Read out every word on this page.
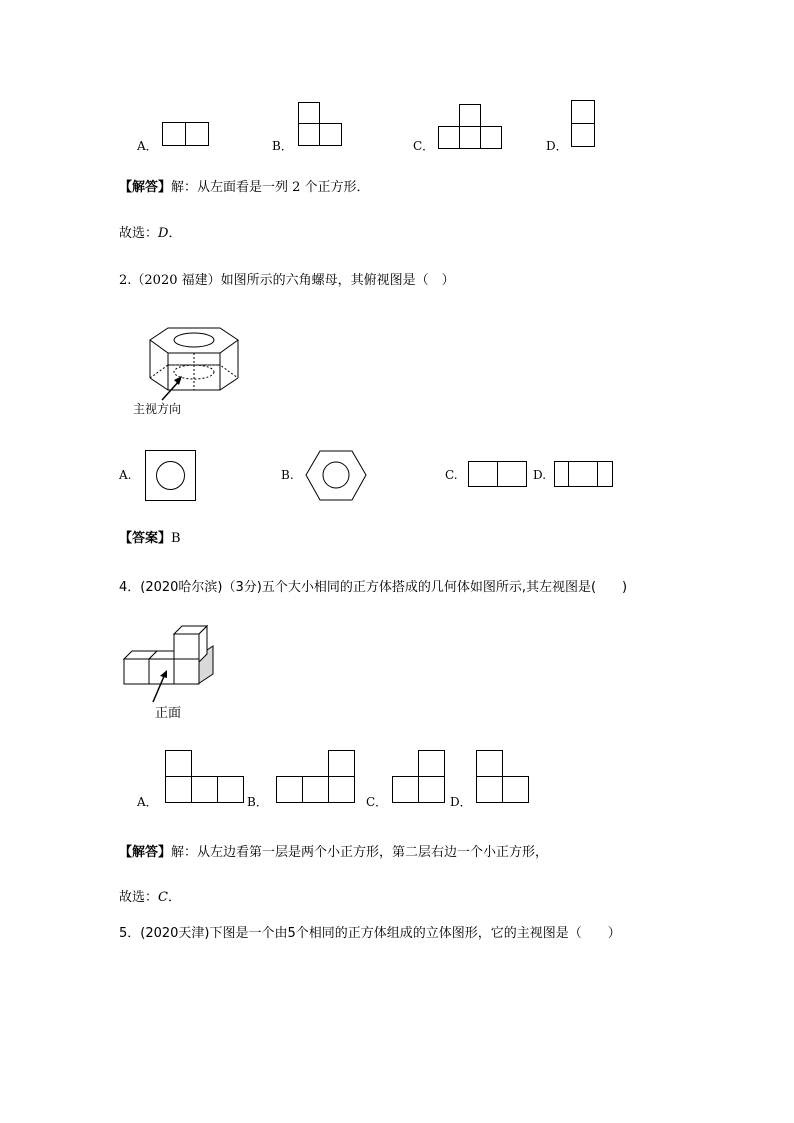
A．	B．	C．	D．
【解答】解：从左面看是一列 2 个正方形．
故选：D．
2.（2020 福建）如图所示的六角螺母，其俯视图是（　）
主视方向
A.	B.	C.	D.
【答案】B
4．(2020哈尔滨)（3分)五个大小相同的正方体搭成的几何体如图所示,其左视图是(　　)
正面
A．	B．	C．	D．
【解答】解：从左边看第一层是两个小正方形，第二层右边一个小正方形，
故选：C．
5．(2020天津)下图是一个由5个相同的正方体组成的立体图形，它的主视图是（　　）
